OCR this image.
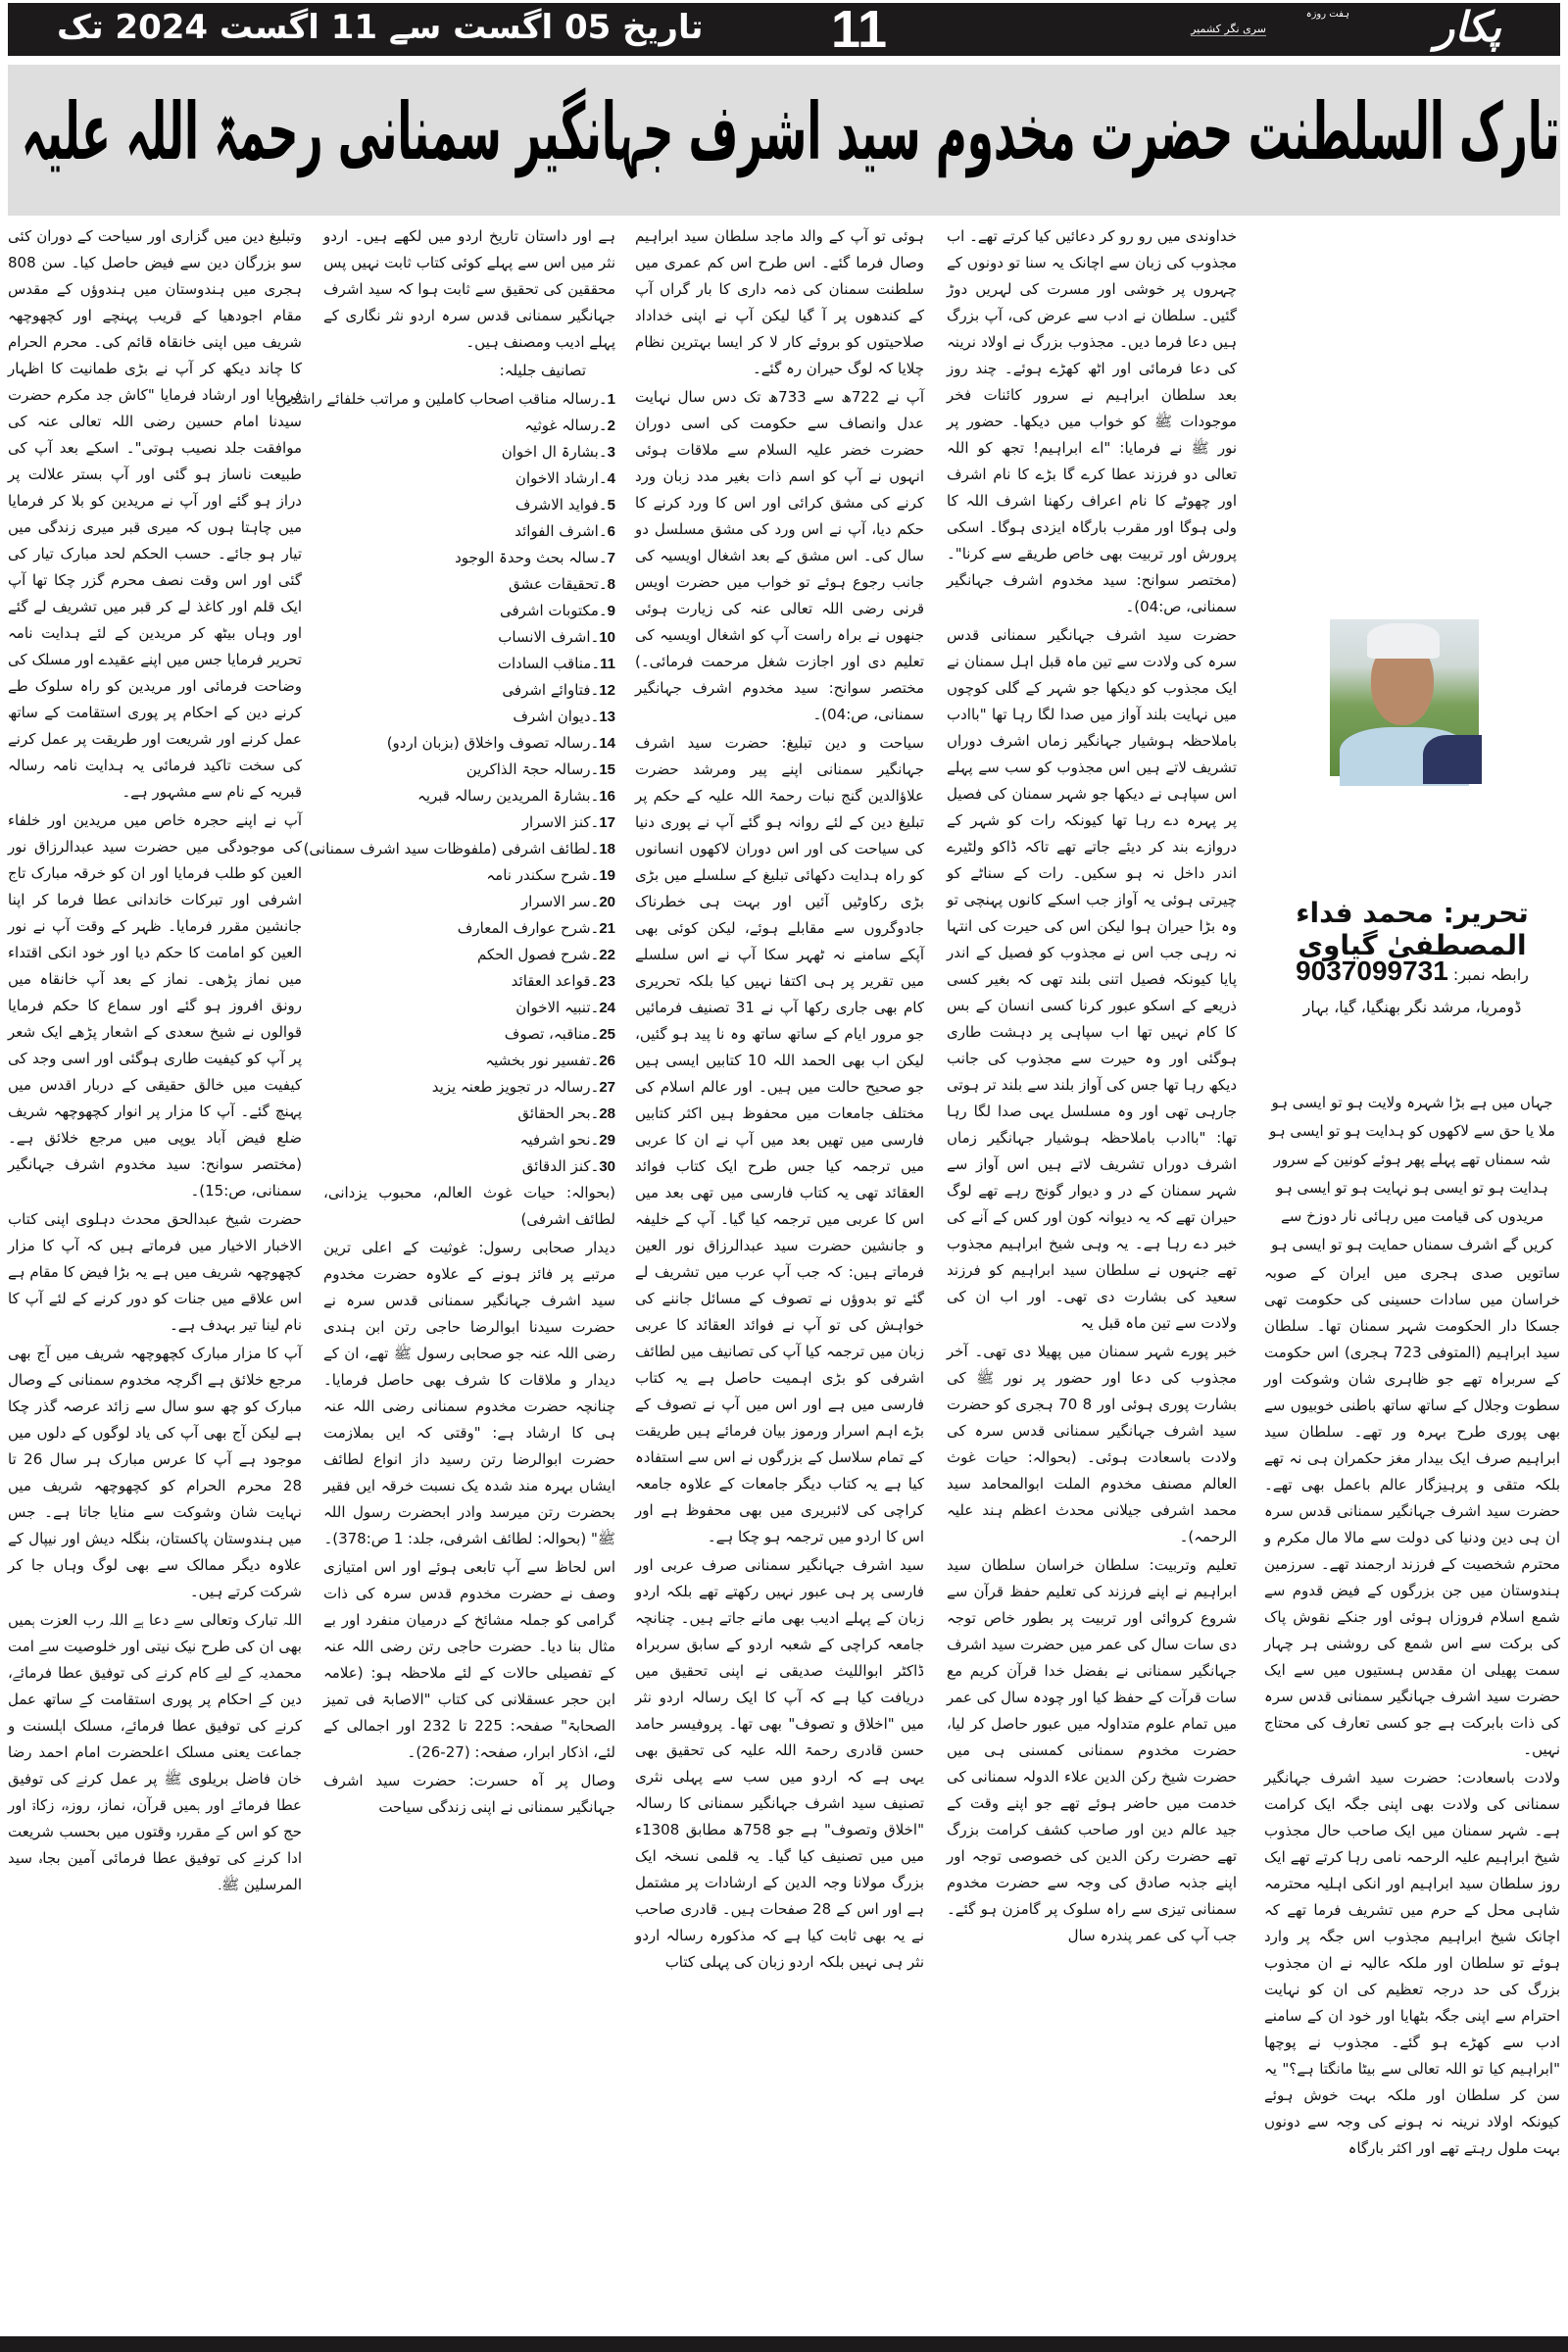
تاریخ 05 اگست سے 11 اگست 2024 تک 11	سری نگر کشمیر
ہفت روزہ پکار
تارک السلطنت حضرت مخدوم سید اشرف جہانگیر سمنانی رحمۃ اللہ علیہ

وتبلیغ دین میں گزاری اور سیاحت کے دوران کئی سو بزرگان دین سے فیض حاصل کیا۔ سن 808 ہجری میں ہندوستان میں ہندوؤں کے مقدس مقام اجودھیا کے قریب پہنچے اور کچھوچھہ شریف میں اپنی خانقاہ قائم کی۔ محرم الحرام کا چاند دیکھ کر آپ نے بڑی طمانیت کا اظہار فرمایا اور ارشاد فرمایا "کاش جد مکرم حضرت سیدنا امام حسین رضی اللہ تعالی عنہ کی موافقت جلد نصیب ہوتی"۔ اسکے بعد آپ کی طبیعت ناساز ہو گئی اور آپ بستر علالت پر دراز ہو گئے اور آپ نے مریدین کو بلا کر فرمایا میں چاہتا ہوں کہ میری قبر میری زندگی میں تیار ہو جائے۔ حسب الحکم لحد مبارک تیار کی گئی اور اس وقت نصف محرم گزر چکا تھا آپ ایک قلم اور کاغذ لے کر قبر میں تشریف لے گئے اور وہاں بیٹھ کر مریدین کے لئے ہدایت نامہ تحریر فرمایا جس میں اپنے عقیدے اور مسلک کی وضاحت فرمائی اور مریدین کو راہ سلوک طے کرنے دین کے احکام پر پوری استقامت کے ساتھ عمل کرنے اور شریعت اور طریقت پر عمل کرنے کی سخت تاکید فرمائی یہ ہدایت نامہ رسالہ قبریہ کے نام سے مشہور ہے۔

آپ نے اپنے حجرہ خاص میں مریدین اور خلفاء کی موجودگی میں حضرت سید عبدالرزاق نور العین کو طلب فرمایا اور ان کو خرقہ مبارک تاج اشرفی اور تبرکات خاندانی عطا فرما کر اپنا جانشین مقرر فرمایا۔ ظہر کے وقت آپ نے نور العین کو امامت کا حکم دیا اور خود انکی اقتداء میں نماز پڑھی۔ نماز کے بعد آپ خانقاہ میں رونق افروز ہو گئے اور سماع کا حکم فرمایا قوالوں نے شیخ سعدی کے اشعار پڑھے ایک شعر پر آپ کو کیفیت طاری ہوگئی اور اسی وجد کی کیفیت میں خالق حقیقی کے دربار اقدس میں پہنچ گئے۔ آپ کا مزار پر انوار کچھوچھہ شریف ضلع فیض آباد یوپی میں مرجع خلائق ہے۔ (مختصر سوانح: سید مخدوم اشرف جہانگیر سمنانی، ص:15)۔

حضرت شیخ عبدالحق محدث دہلوی اپنی کتاب الاخبار الاخیار میں فرماتے ہیں کہ آپ کا مزار کچھوچھہ شریف میں ہے یہ بڑا فیض کا مقام ہے اس علاقے میں جنات کو دور کرنے کے لئے آپ کا نام لینا تیر بہدف ہے۔

آپ کا مزار مبارک کچھوچھہ شریف میں آج بھی مرجع خلائق ہے اگرچہ مخدوم سمنانی کے وصال مبارک کو چھ سو سال سے زائد عرصہ گذر چکا ہے لیکن آج بھی آپ کی یاد لوگوں کے دلوں میں موجود ہے آپ کا عرس مبارک ہر سال 26 تا 28 محرم الحرام کو کچھوچھہ شریف میں نہایت شان وشوکت سے منایا جاتا ہے۔ جس میں ہندوستان پاکستان، بنگلہ دیش اور نیپال کے علاوہ دیگر ممالک سے بھی لوگ وہاں جا کر شرکت کرتے ہیں۔

اللہ تبارک وتعالی سے دعا ہے اللہ رب العزت ہمیں بھی ان کی طرح نیک نیتی اور خلوصیت سے امت محمدیہ کے لیے کام کرنے کی توفیق عطا فرمائے، دین کے احکام پر پوری استقامت کے ساتھ عمل کرنے کی توفیق عطا فرمائے، مسلک اہلسنت و جماعت یعنی مسلک اعلحضرت امام احمد رضا خان فاضل بریلوی ﷺ پر عمل کرنے کی توفیق عطا فرمائے اور ہمیں قرآن، نماز، روزہ، زکاۃ اور حج کو اس کے مقررہ وقتوں میں بحسب شریعت ادا کرنے کی توفیق عطا فرمائی آمین بجاہ سید المرسلین ﷺ۔

ہے اور داستان تاریخ اردو میں لکھے ہیں۔ اردو نثر میں اس سے پہلے کوئی کتاب ثابت نہیں پس محققین کی تحقیق سے ثابت ہوا کہ سید اشرف جہانگیر سمنانی قدس سرہ اردو نثر نگاری کے پہلے ادیب ومصنف ہیں۔

تصانیف جلیلہ:

1۔رسالہ مناقب اصحاب کاملین و مراتب خلفائے راشدین
2۔رسالہ غوثیہ
3۔بشارۃ ال اخوان
4۔ارشاد الاخوان
5۔فواید الاشرف
6۔اشرف الفوائد
7۔سالہ بحث وحدۃ الوجود
8۔تحقیقات عشق
9۔مکتوبات اشرفی
10۔اشرف الانساب
11۔مناقب السادات
12۔فتاوائے اشرفی
13۔دیوان اشرف
14۔رسالہ تصوف واخلاق (بزبان اردو)
15۔رسالہ حجۃ الذاکرین
16۔بشارۃ المریدین رسالہ قبریہ
17۔کنز الاسرار
18۔لطائف اشرفی (ملفوظات سید اشرف سمنانی)
19۔شرح سکندر نامہ
20۔سر الاسرار
21۔شرح عوارف المعارف
22۔شرح فصول الحکم
23۔قواعد العقائد
24۔تنبیہ الاخوان
25۔مناقبہ، تصوف
26۔تفسیر نور بخشیہ
27۔رسالہ در تجویز طعنہ یزید
28۔بحر الحقائق
29۔نحو اشرفیہ
30۔کنز الدقائق

(بحوالہ: حیات غوث العالم، محبوب یزدانی، لطائف اشرفی)

دیدار صحابی رسول: غوثیت کے اعلی ترین مرتبے پر فائز ہونے کے علاوہ حضرت مخدوم سید اشرف جہانگیر سمنانی قدس سرہ نے حضرت سیدنا ابوالرضا حاجی رتن ابن ہندی رضی اللہ عنہ جو صحابی رسول ﷺ تھے، ان کے دیدار و ملاقات کا شرف بھی حاصل فرمایا۔ چنانچہ حضرت مخدوم سمنانی رضی اللہ عنہ ہی کا ارشاد ہے: "وقتی کہ ایں بملازمت حضرت ابوالرضا رتن رسید داز انواع لطائف ایشاں بہرہ مند شدہ یک نسبت خرقہ ایں فقیر بحضرت رتن میرسد وادر ابحضرت رسول اللہ ﷺ" (بحوالہ: لطائف اشرفی، جلد: 1 ص:378)۔

اس لحاظ سے آپ تابعی ہوئے اور اس امتیازی وصف نے حضرت مخدوم قدس سرہ کی ذات گرامی کو جملہ مشائخ کے درمیان منفرد اور بے مثال بنا دیا۔ حضرت حاجی رتن رضی اللہ عنہ کے تفصیلی حالات کے لئے ملاحظہ ہو: (علامہ ابن حجر عسقلانی کی کتاب "الاصابۃ فی تمیز الصحابۃ" صفحہ: 225 تا 232 اور اجمالی کے لئے، اذکار ابرار، صفحہ: (27-26)۔

وصال پر آہ حسرت: حضرت سید اشرف جہانگیر سمنانی نے اپنی زندگی سیاحت

ہوئی تو آپ کے والد ماجد سلطان سید ابراہیم وصال فرما گئے۔ اس طرح اس کم عمری میں سلطنت سمنان کی ذمہ داری کا بار گراں آپ کے کندھوں پر آ گیا لیکن آپ نے اپنی خداداد صلاحیتوں کو بروئے کار لا کر ایسا بہترین نظام چلایا کہ لوگ حیران رہ گئے۔

آپ نے 722ھ سے 733ھ تک دس سال نہایت عدل وانصاف سے حکومت کی اسی دوران حضرت خضر علیہ السلام سے ملاقات ہوئی انہوں نے آپ کو اسم ذات بغیر مدد زبان ورد کرنے کی مشق کرائی اور اس کا ورد کرنے کا حکم دیا، آپ نے اس ورد کی مشق مسلسل دو سال کی۔ اس مشق کے بعد اشغال اویسیہ کی جانب رجوع ہوئے تو خواب میں حضرت اویس قرنی رضی اللہ تعالی عنہ کی زیارت ہوئی جنھوں نے براہ راست آپ کو اشغال اویسیہ کی تعلیم دی اور اجازت شغل مرحمت فرمائی۔) مختصر سوانح: سید مخدوم اشرف جہانگیر سمنانی، ص:04)۔

سیاحت و دین تبلیغ: حضرت سید اشرف جہانگیر سمنانی اپنے پیر ومرشد حضرت علاؤالدین گنج نبات رحمۃ اللہ علیہ کے حکم پر تبلیغ دین کے لئے روانہ ہو گئے آپ نے پوری دنیا کی سیاحت کی اور اس دوران لاکھوں انسانوں کو راہ ہدایت دکھائی تبلیغ کے سلسلے میں بڑی بڑی رکاوٹیں آئیں اور بہت ہی خطرناک جادوگروں سے مقابلے ہوئے، لیکن کوئی بھی آپکے سامنے نہ ٹھہر سکا آپ نے اس سلسلے میں تقریر پر ہی اکتفا نہیں کیا بلکہ تحریری کام بھی جاری رکھا آپ نے 31 تصنیف فرمائیں جو مرور ایام کے ساتھ ساتھ وہ نا پید ہو گئیں، لیکن اب بھی الحمد اللہ 10 کتابیں ایسی ہیں جو صحیح حالت میں ہیں۔ اور عالم اسلام کی مختلف جامعات میں محفوظ ہیں اکثر کتابیں فارسی میں تھیں بعد میں آپ نے ان کا عربی میں ترجمہ کیا جس طرح ایک کتاب فوائد العقائد تھی یہ کتاب فارسی میں تھی بعد میں اس کا عربی میں ترجمہ کیا گیا۔ آپ کے خلیفہ و جانشین حضرت سید عبدالرزاق نور العین فرماتے ہیں: کہ جب آپ عرب میں تشریف لے گئے تو بدوؤں نے تصوف کے مسائل جاننے کی خواہش کی تو آپ نے فوائد العقائد کا عربی زبان میں ترجمہ کیا آپ کی تصانیف میں لطائف اشرفی کو بڑی اہمیت حاصل ہے یہ کتاب فارسی میں ہے اور اس میں آپ نے تصوف کے بڑے اہم اسرار ورموز بیان فرمائے ہیں طریقت کے تمام سلاسل کے بزرگوں نے اس سے استفادہ کیا ہے یہ کتاب دیگر جامعات کے علاوہ جامعہ کراچی کی لائبریری میں بھی محفوظ ہے اور اس کا اردو میں ترجمہ ہو چکا ہے۔

سید اشرف جہانگیر سمنانی صرف عربی اور فارسی پر ہی عبور نہیں رکھتے تھے بلکہ اردو زبان کے پہلے ادیب بھی مانے جاتے ہیں۔ چنانچہ جامعہ کراچی کے شعبہ اردو کے سابق سربراہ ڈاکٹر ابواللیث صدیقی نے اپنی تحقیق میں دریافت کیا ہے کہ آپ کا ایک رسالہ اردو نثر میں "اخلاق و تصوف" بھی تھا۔ پروفیسر حامد حسن قادری رحمۃ اللہ علیہ کی تحقیق بھی یہی ہے کہ اردو میں سب سے پہلی نثری تصنیف سید اشرف جہانگیر سمنانی کا رسالہ "اخلاق وتصوف" ہے جو 758ھ مطابق 1308ء میں میں تصنیف کیا گیا۔ یہ قلمی نسخہ ایک بزرگ مولانا وجہ الدین کے ارشادات پر مشتمل ہے اور اس کے 28 صفحات ہیں۔ قادری صاحب نے یہ بھی ثابت کیا ہے کہ مذکورہ رسالہ اردو نثر ہی نہیں بلکہ اردو زبان کی پہلی کتاب

خداوندی میں رو رو کر دعائیں کیا کرتے تھے۔ اب مجذوب کی زبان سے اچانک یہ سنا تو دونوں کے چہروں پر خوشی اور مسرت کی لہریں دوڑ گئیں۔ سلطان نے ادب سے عرض کی، آپ بزرگ ہیں دعا فرما دیں۔ مجذوب بزرگ نے اولاد نرینہ کی دعا فرمائی اور اٹھ کھڑے ہوئے۔ چند روز بعد سلطان ابراہیم نے سرور کائنات فخر موجودات ﷺ کو خواب میں دیکھا۔ حضور پر نور ﷺ نے فرمایا: "اے ابراہیم! تجھ کو اللہ تعالی دو فرزند عطا کرے گا بڑے کا نام اشرف اور چھوٹے کا نام اعراف رکھنا اشرف اللہ کا ولی ہوگا اور مقرب بارگاہ ایزدی ہوگا۔ اسکی پرورش اور تربیت بھی خاص طریقے سے کرنا"۔ (مختصر سوانح: سید مخدوم اشرف جہانگیر سمنانی، ص:04)۔

حضرت سید اشرف جہانگیر سمنانی قدس سرہ کی ولادت سے تین ماہ قبل اہل سمنان نے ایک مجذوب کو دیکھا جو شہر کے گلی کوچوں میں نہایت بلند آواز میں صدا لگا رہا تھا "باادب باملاحظہ ہوشیار جہانگیر زماں اشرف دوراں تشریف لاتے ہیں اس مجذوب کو سب سے پہلے اس سپاہی نے دیکھا جو شہر سمنان کی فصیل پر پہرہ دے رہا تھا کیونکہ رات کو شہر کے دروازے بند کر دیئے جاتے تھے تاکہ ڈاکو ولٹیرے اندر داخل نہ ہو سکیں۔ رات کے سناٹے کو چیرتی ہوئی یہ آواز جب اسکے کانوں پہنچی تو وہ بڑا حیران ہوا لیکن اس کی حیرت کی انتہا نہ رہی جب اس نے مجذوب کو فصیل کے اندر پایا کیونکہ فصیل اتنی بلند تھی کہ بغیر کسی ذریعے کے اسکو عبور کرنا کسی انسان کے بس کا کام نہیں تھا اب سپاہی پر دہشت طاری ہوگئی اور وہ حیرت سے مجذوب کی جانب دیکھ رہا تھا جس کی آواز بلند سے بلند تر ہوتی جارہی تھی اور وہ مسلسل یہی صدا لگا رہا تھا: "باادب باملاحظہ ہوشیار جہانگیر زماں اشرف دوراں تشریف لاتے ہیں اس آواز سے شہر سمنان کے در و دیوار گونج رہے تھے لوگ حیران تھے کہ یہ دیوانہ کون اور کس کے آنے کی خبر دے رہا ہے۔ یہ وہی شیخ ابراہیم مجذوب تھے جنہوں نے سلطان سید ابراہیم کو فرزند سعید کی بشارت دی تھی۔ اور اب ان کی ولادت سے تین ماہ قبل یہ

خبر پورے شہر سمنان میں پھیلا دی تھی۔ آخر مجذوب کی دعا اور حضور پر نور ﷺ کی بشارت پوری ہوئی اور 8 70 ہجری کو حضرت سید اشرف جہانگیر سمنانی قدس سرہ کی ولادت باسعادت ہوئی۔ (بحوالہ: حیات غوث العالم مصنف مخدوم الملت ابوالمحامد سید محمد اشرفی جیلانی محدث اعظم ہند علیہ الرحمہ)۔

تعلیم وتربیت: سلطان خراسان سلطان سید ابراہیم نے اپنے فرزند کی تعلیم حفظ قرآن سے شروع کروائی اور تربیت پر بطور خاص توجہ دی سات سال کی عمر میں حضرت سید اشرف جہانگیر سمنانی نے بفضل خدا قرآن کریم مع سات قرآت کے حفظ کیا اور چودہ سال کی عمر میں تمام علوم متداولہ میں عبور حاصل کر لیا، حضرت مخدوم سمنانی کمسنی ہی میں حضرت شیخ رکن الدین علاء الدولہ سمنانی کی خدمت میں حاضر ہوئے تھے جو اپنے وقت کے جید عالم دین اور صاحب کشف کرامت بزرگ تھے حضرت رکن الدین کی خصوصی توجہ اور اپنے جذبہ صادق کی وجہ سے حضرت مخدوم سمنانی تیزی سے راہ سلوک پر گامزن ہو گئے۔ جب آپ کی عمر پندرہ سال

تحریر: محمد فداء المصطفیٰ گیاوی
رابطہ نمبر: 9037099731
ڈومریا، مرشد نگر بھنگیا، گیا، بہار

جہاں میں ہے بڑا شہرہ ولایت ہو تو ایسی ہو

ملا یا حق سے لاکھوں کو ہدایت ہو تو ایسی ہو

شہ سمناں تھے پہلے پھر ہوئے کونین کے سرور

ہدایت ہو تو ایسی ہو نہایت ہو تو ایسی ہو

مریدوں کی قیامت میں رہائی نار دوزخ سے

کریں گے اشرف سمناں حمایت ہو تو ایسی ہو

ساتویں صدی ہجری میں ایران کے صوبہ خراسان میں سادات حسینی کی حکومت تھی جسکا دار الحکومت شہر سمنان تھا۔ سلطان سید ابراہیم (المتوفی 723 ہجری) اس حکومت کے سربراہ تھے جو ظاہری شان وشوکت اور سطوت وجلال کے ساتھ ساتھ باطنی خوبیوں سے بھی پوری طرح بہرہ ور تھے۔ سلطان سید ابراہیم صرف ایک بیدار مغز حکمران ہی نہ تھے بلکہ متقی و پرہیزگار عالم باعمل بھی تھے۔ حضرت سید اشرف جہانگیر سمنانی قدس سرہ ان ہی دین ودنیا کی دولت سے مالا مال مکرم و محترم شخصیت کے فرزند ارجمند تھے۔ سرزمین ہندوستان میں جن بزرگوں کے فیض قدوم سے شمع اسلام فروزاں ہوئی اور جنکے نقوش پاک کی برکت سے اس شمع کی روشنی ہر چہار سمت پھیلی ان مقدس ہستیوں میں سے ایک حضرت سید اشرف جہانگیر سمنانی قدس سرہ کی ذات بابرکت ہے جو کسی تعارف کی محتاج نہیں۔

ولادت باسعادت: حضرت سید اشرف جہانگیر سمنانی کی ولادت بھی اپنی جگہ ایک کرامت ہے۔ شہر سمنان میں ایک صاحب حال مجذوب شیخ ابراہیم علیہ الرحمہ نامی رہا کرتے تھے ایک روز سلطان سید ابراہیم اور انکی اہلیہ محترمہ شاہی محل کے حرم میں تشریف فرما تھے کہ اچانک شیخ ابراہیم مجذوب اس جگہ پر وارد ہوئے تو سلطان اور ملکہ عالیہ نے ان مجذوب بزرگ کی حد درجہ تعظیم کی ان کو نہایت احترام سے اپنی جگہ بٹھایا اور خود ان کے سامنے ادب سے کھڑے ہو گئے۔ مجذوب نے پوچھا "ابراہیم کیا تو اللہ تعالی سے بیٹا مانگتا ہے؟" یہ سن کر سلطان اور ملکہ بہت خوش ہوئے کیونکہ اولاد نرینہ نہ ہونے کی وجہ سے دونوں بہت ملول رہتے تھے اور اکثر بارگاہ
